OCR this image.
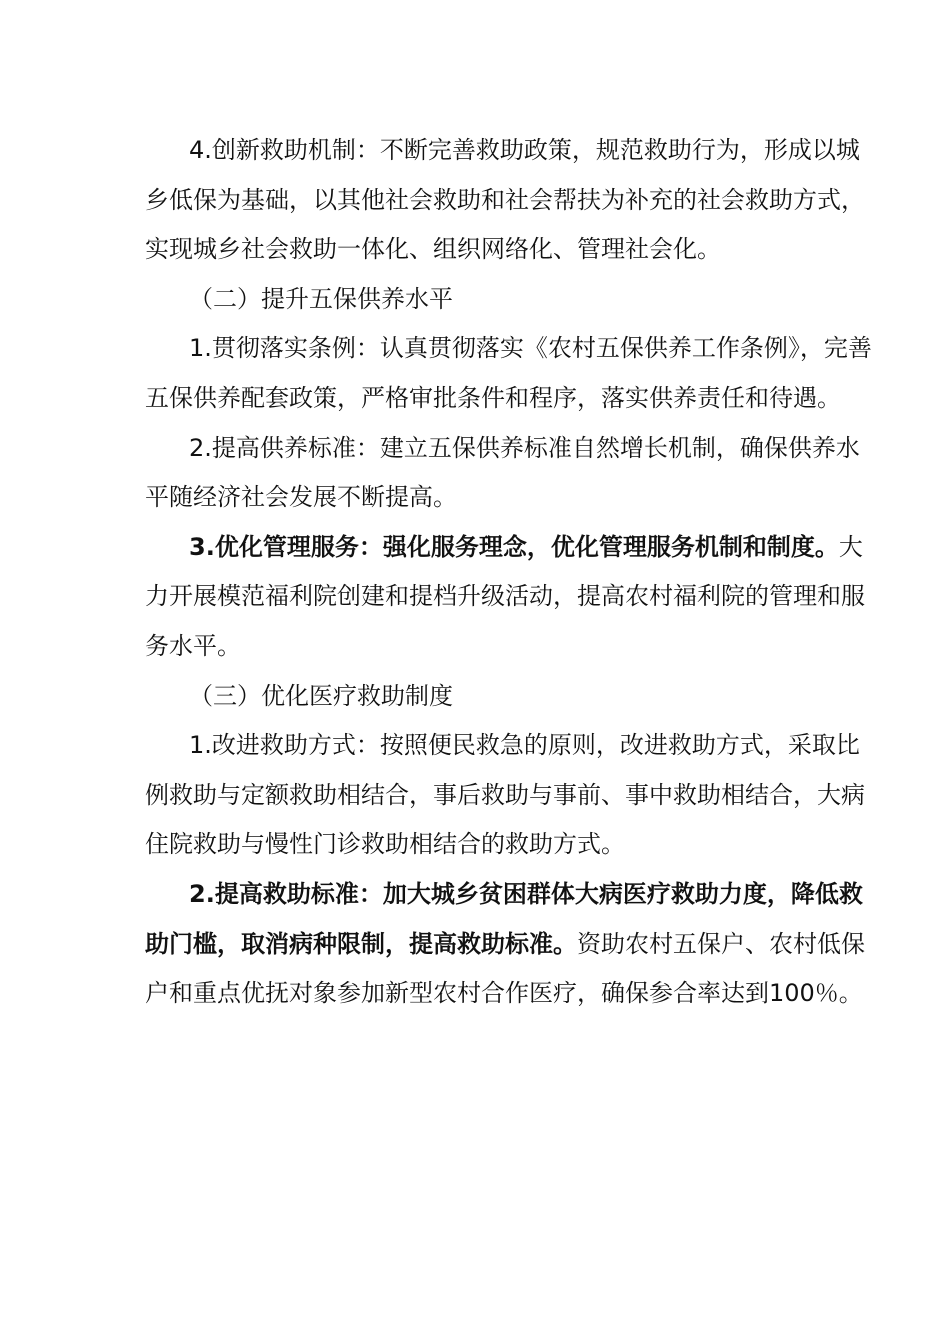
4.创新救助机制：不断完善救助政策，规范救助行为，形成以城乡低保为基础，以其他社会救助和社会帮扶为补充的社会救助方式，实现城乡社会救助一体化、组织网络化、管理社会化。

（二）提升五保供养水平

1.贯彻落实条例：认真贯彻落实《农村五保供养工作条例》，完善五保供养配套政策，严格审批条件和程序，落实供养责任和待遇。

2.提高供养标准：建立五保供养标准自然增长机制，确保供养水平随经济社会发展不断提高。

3.优化管理服务：强化服务理念，优化管理服务机制和制度。大力开展模范福利院创建和提档升级活动，提高农村福利院的管理和服务水平。

（三）优化医疗救助制度

1.改进救助方式：按照便民救急的原则，改进救助方式，采取比例救助与定额救助相结合，事后救助与事前、事中救助相结合，大病住院救助与慢性门诊救助相结合的救助方式。

2.提高救助标准：加大城乡贫困群体大病医疗救助力度，降低救助门槛，取消病种限制，提高救助标准。资助农村五保户、农村低保户和重点优抚对象参加新型农村合作医疗，确保参合率达到100％。
